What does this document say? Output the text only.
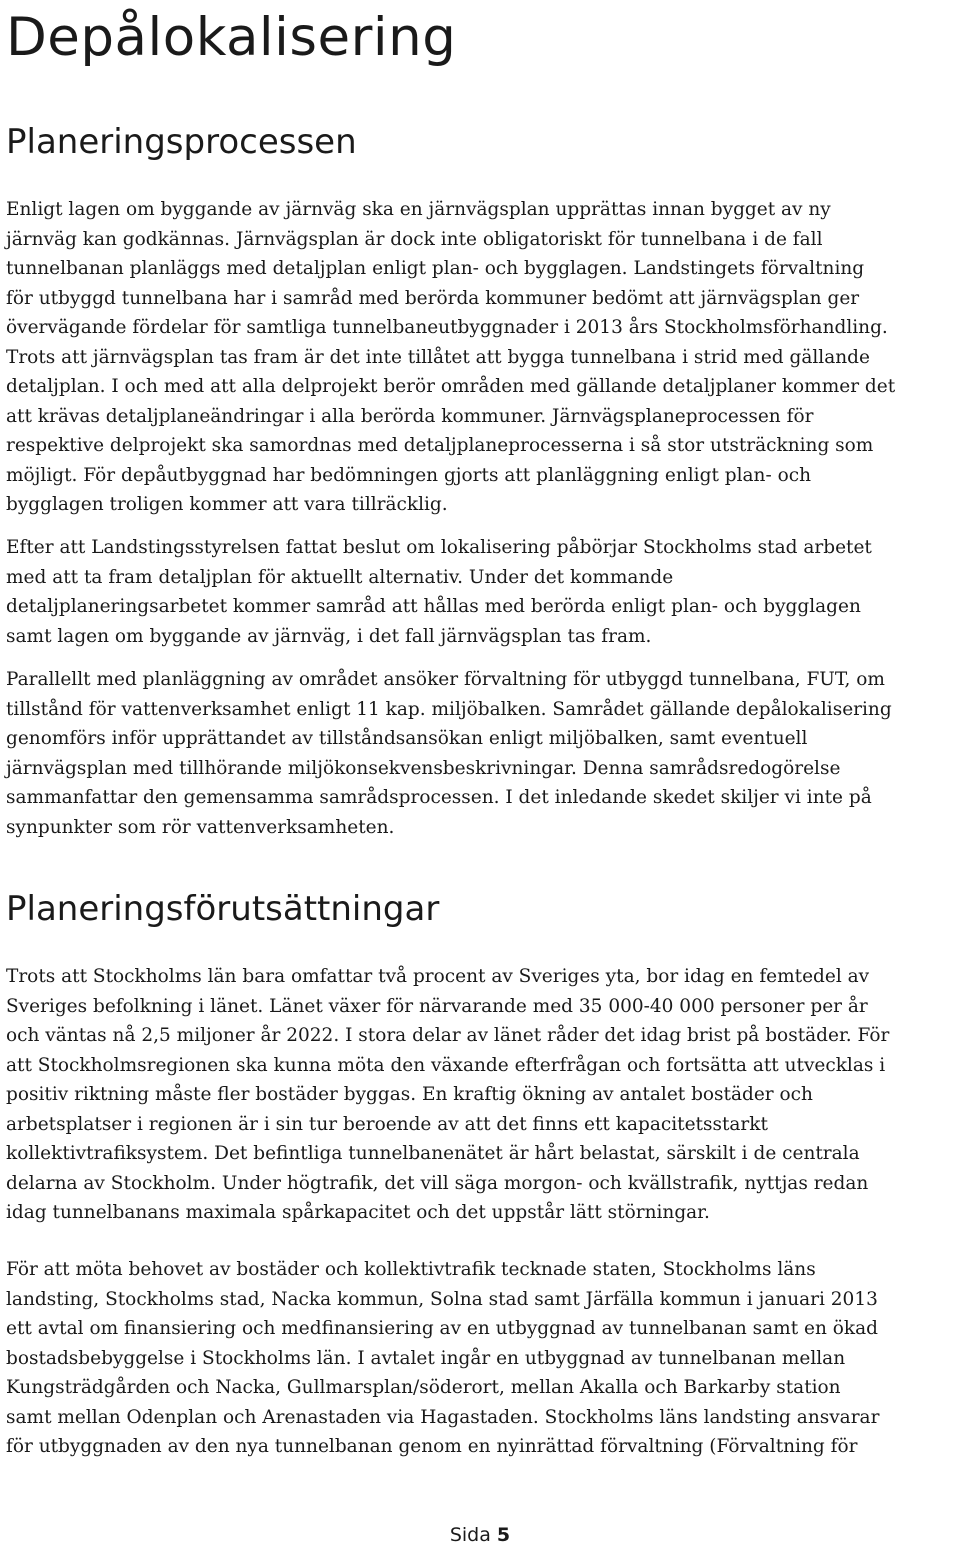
Depålokalisering
Planeringsprocessen

Enligt lagen om byggande av järnväg ska en järnvägsplan upprättas innan bygget av ny
järnväg kan godkännas. Järnvägsplan är dock inte obligatoriskt för tunnelbana i de fall
tunnelbanan planläggs med detaljplan enligt plan- och bygglagen. Landstingets förvaltning
för utbyggd tunnelbana har i samråd med berörda kommuner bedömt att järnvägsplan ger
övervägande fördelar för samtliga tunnelbaneutbyggnader i 2013 års Stockholmsförhandling.
Trots att järnvägsplan tas fram är det inte tillåtet att bygga tunnelbana i strid med gällande
detaljplan. I och med att alla delprojekt berör områden med gällande detaljplaner kommer det
att krävas detaljplaneändringar i alla berörda kommuner. Järnvägsplaneprocessen för
respektive delprojekt ska samordnas med detaljplaneprocesserna i så stor utsträckning som
möjligt. För depåutbyggnad har bedömningen gjorts att planläggning enligt plan- och
bygglagen troligen kommer att vara tillräcklig.

Efter att Landstingsstyrelsen fattat beslut om lokalisering påbörjar Stockholms stad arbetet
med att ta fram detaljplan för aktuellt alternativ. Under det kommande
detaljplaneringsarbetet kommer samråd att hållas med berörda enligt plan- och bygglagen
samt lagen om byggande av järnväg, i det fall järnvägsplan tas fram.

Parallellt med planläggning av området ansöker förvaltning för utbyggd tunnelbana, FUT, om
tillstånd för vattenverksamhet enligt 11 kap. miljöbalken. Samrådet gällande depålokalisering
genomförs inför upprättandet av tillståndsansökan enligt miljöbalken, samt eventuell
järnvägsplan med tillhörande miljökonsekvensbeskrivningar. Denna samrådsredogörelse
sammanfattar den gemensamma samrådsprocessen. I det inledande skedet skiljer vi inte på
synpunkter som rör vattenverksamheten.

Planeringsförutsättningar

Trots att Stockholms län bara omfattar två procent av Sveriges yta, bor idag en femtedel av
Sveriges befolkning i länet. Länet växer för närvarande med 35 000-40 000 personer per år
och väntas nå 2,5 miljoner år 2022. I stora delar av länet råder det idag brist på bostäder. För
att Stockholmsregionen ska kunna möta den växande efterfrågan och fortsätta att utvecklas i
positiv riktning måste fler bostäder byggas. En kraftig ökning av antalet bostäder och
arbetsplatser i regionen är i sin tur beroende av att det finns ett kapacitetsstarkt
kollektivtrafiksystem. Det befintliga tunnelbanenätet är hårt belastat, särskilt i de centrala
delarna av Stockholm. Under högtrafik, det vill säga morgon- och kvällstrafik, nyttjas redan
idag tunnelbanans maximala spårkapacitet och det uppstår lätt störningar.

För att möta behovet av bostäder och kollektivtrafik tecknade staten, Stockholms läns
landsting, Stockholms stad, Nacka kommun, Solna stad samt Järfälla kommun i januari 2013
ett avtal om finansiering och medfinansiering av en utbyggnad av tunnelbanan samt en ökad
bostadsbebyggelse i Stockholms län. I avtalet ingår en utbyggnad av tunnelbanan mellan
Kungsträdgården och Nacka, Gullmarsplan/söderort, mellan Akalla och Barkarby station
samt mellan Odenplan och Arenastaden via Hagastaden. Stockholms läns landsting ansvarar
för utbyggnaden av den nya tunnelbanan genom en nyinrättad förvaltning (Förvaltning för

Sida 5
